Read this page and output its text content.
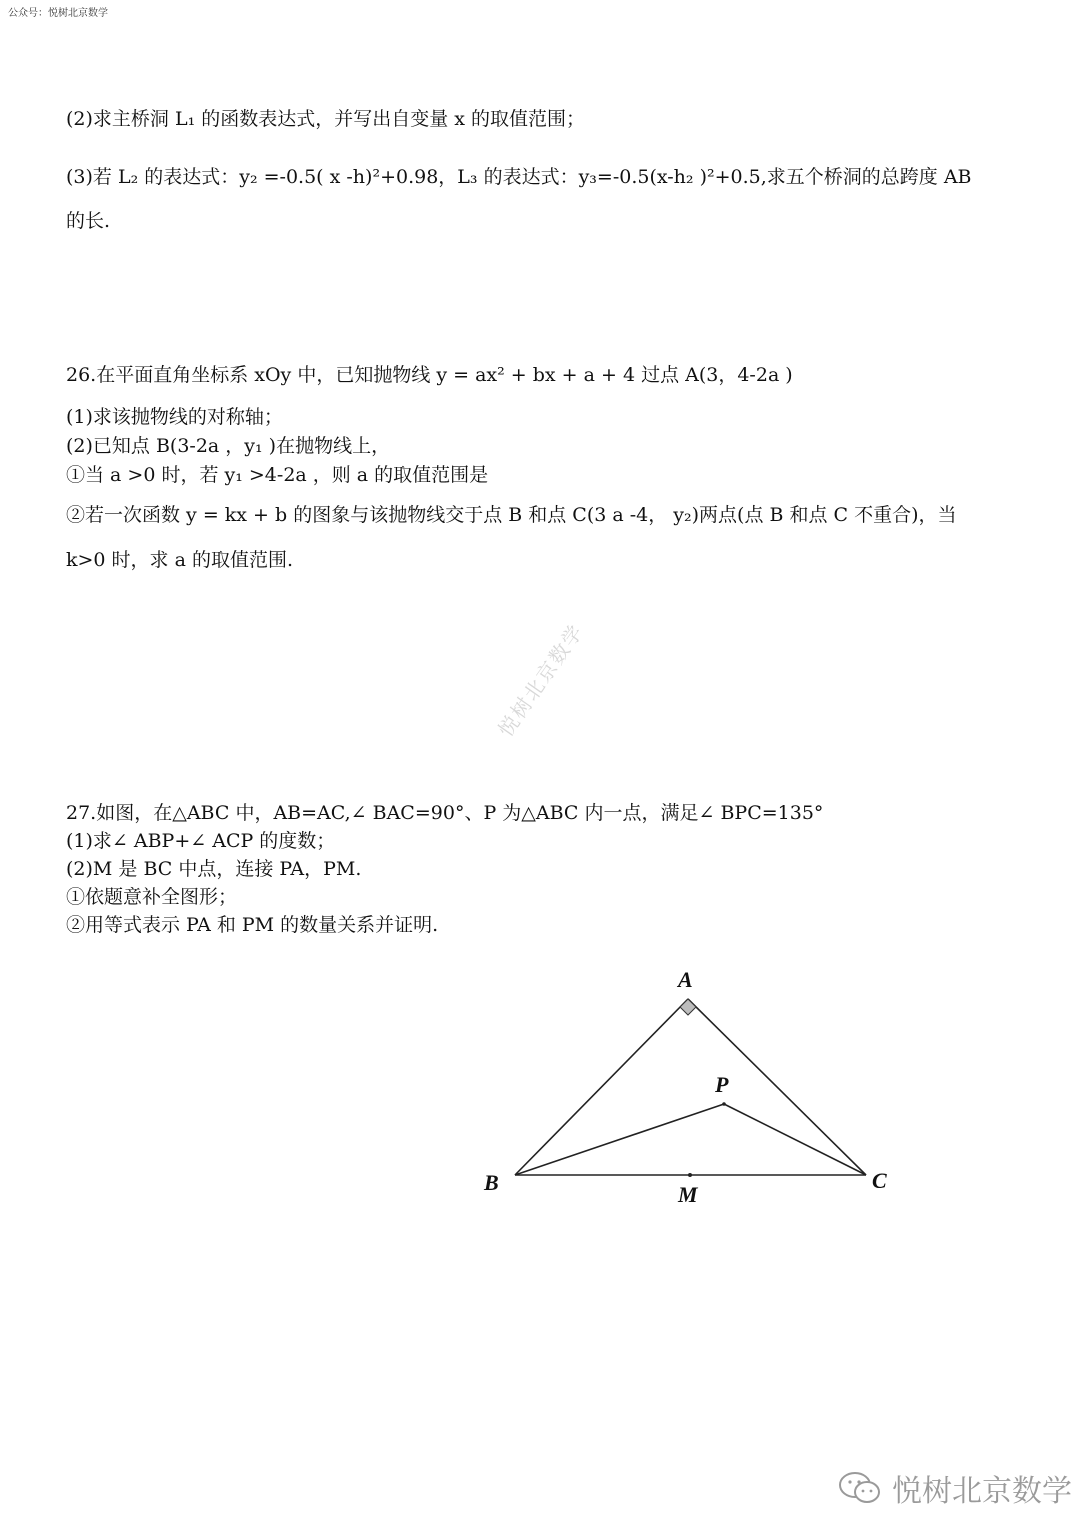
公众号：悦树北京数学
(2)求主桥洞 L₁ 的函数表达式，并写出自变量 x 的取值范围；
(3)若 L₂ 的表达式：y₂ =-0.5( x -h)²+0.98，L₃ 的表达式：y₃=-0.5(x-h₂ )²+0.5,求五个桥洞的总跨度 AB
的长.
26.在平面直角坐标系 xOy 中，已知抛物线 y = ax² + bx + a + 4 过点 A(3，4-2a )
(1)求该抛物线的对称轴；
(2)已知点 B(3-2a ，y₁ )在抛物线上，
①当 a >0 时，若 y₁ >4-2a ，则 a 的取值范围是
②若一次函数 y = kx + b 的图象与该抛物线交于点 B 和点 C(3 a -4， y₂)两点(点 B 和点 C 不重合)，当
k>0 时，求 a 的取值范围.
悦树北京数学
27.如图，在△ABC 中，AB=AC,∠ BAC=90°、P 为△ABC 内一点，满足∠ BPC=135°
(1)求∠ ABP+∠ ACP 的度数；
(2)M 是 BC 中点，连接 PA，PM.
①依题意补全图形；
②用等式表示 PA 和 PM 的数量关系并证明.
A
B	C
P
M
悦树北京数学
